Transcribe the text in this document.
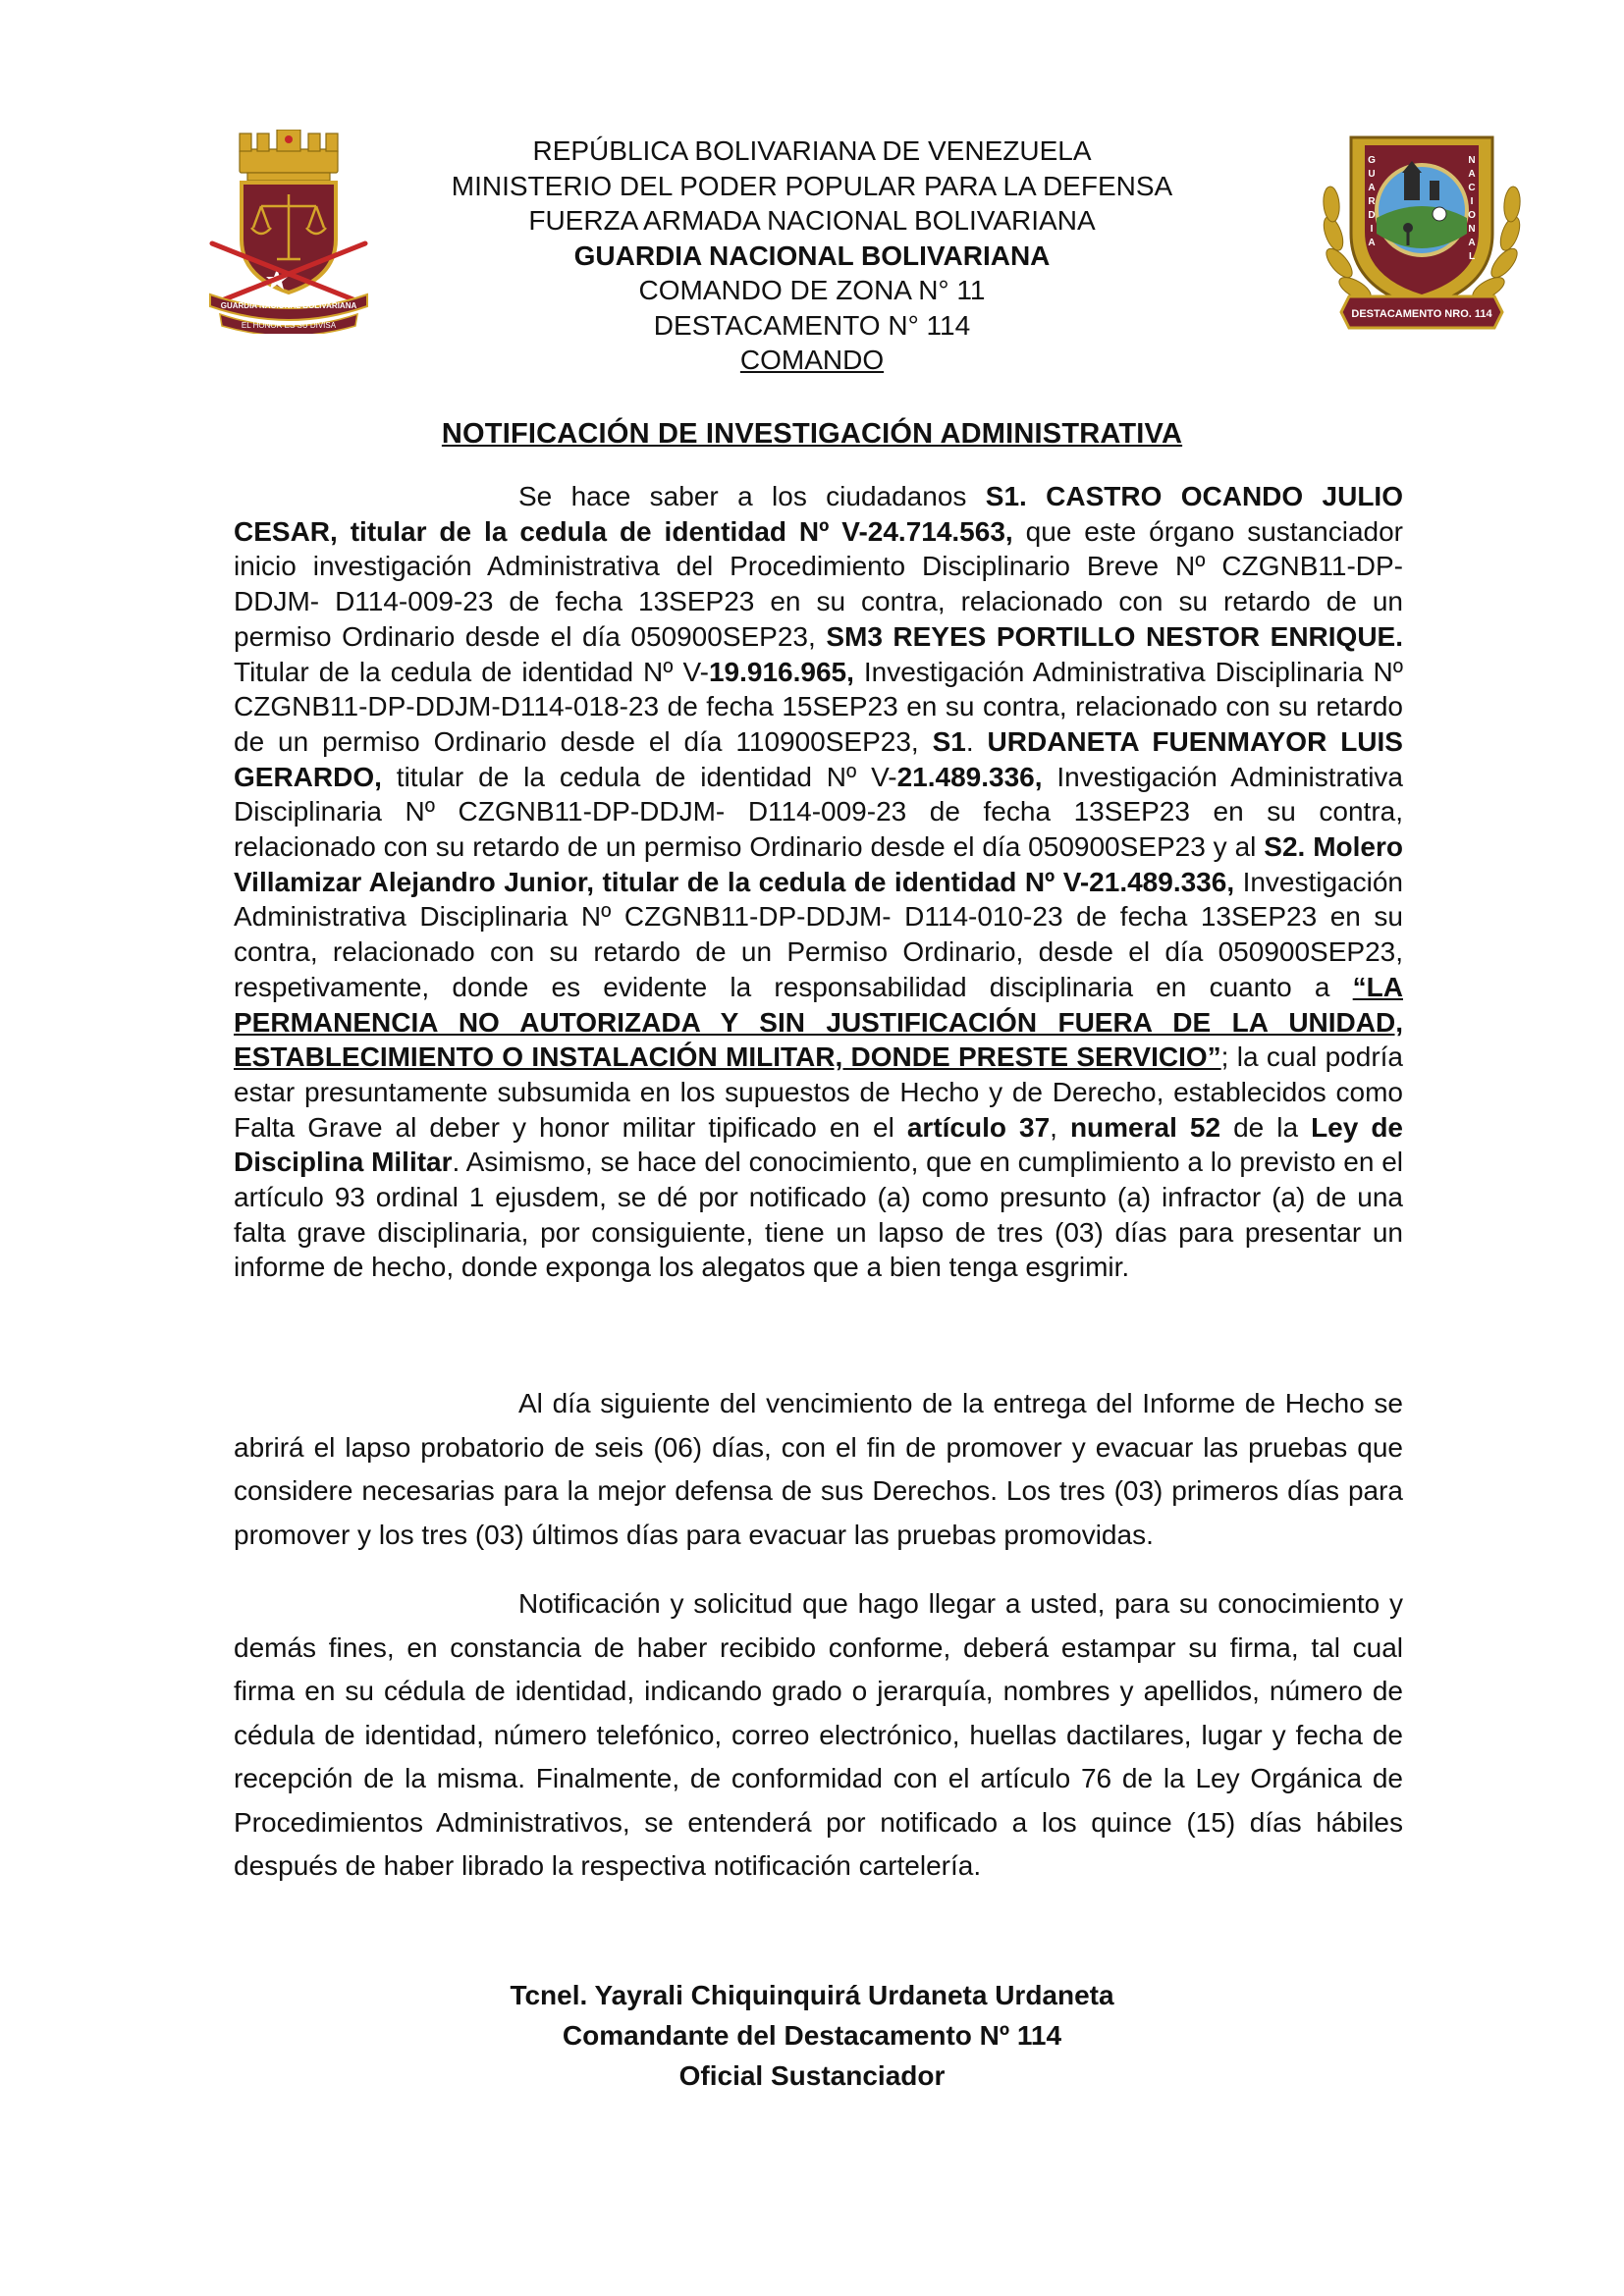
GUARDIA NACIONAL BOLIVARIANA
EL HONOR ES SU DIVISA
REPÚBLICA BOLIVARIANA DE VENEZUELA
MINISTERIO DEL PODER POPULAR PARA LA DEFENSA
FUERZA ARMADA NACIONAL BOLIVARIANA
GUARDIA NACIONAL BOLIVARIANA
COMANDO DE ZONA N° 11
DESTACAMENTO N° 114
COMANDO
G
U
A
R
D
I
A
N
A
C
I
O
N
A
L
DESTACAMENTO NRO. 114
NOTIFICACIÓN DE INVESTIGACIÓN ADMINISTRATIVA
Se hace saber a los ciudadanos S1. CASTRO OCANDO JULIO CESAR, titular de la cedula de identidad Nº V-24.714.563, que este órgano sustanciador inicio investigación Administrativa del Procedimiento Disciplinario Breve Nº CZGNB11-DP-DDJM- D114-009-23 de fecha 13SEP23 en su contra, relacionado con su retardo de un permiso Ordinario desde el día 050900SEP23, SM3 REYES PORTILLO NESTOR ENRIQUE. Titular de la cedula de identidad Nº V-19.916.965, Investigación Administrativa Disciplinaria Nº CZGNB11-DP-DDJM-D114-018-23 de fecha 15SEP23 en su contra, relacionado con su retardo de un permiso Ordinario desde el día 110900SEP23, S1. URDANETA FUENMAYOR LUIS GERARDO, titular de la cedula de identidad Nº V-21.489.336, Investigación Administrativa Disciplinaria Nº CZGNB11-DP-DDJM- D114-009-23 de fecha 13SEP23 en su contra, relacionado con su retardo de un permiso Ordinario desde el día 050900SEP23 y al S2. Molero Villamizar Alejandro Junior, titular de la cedula de identidad Nº V-21.489.336, Investigación Administrativa Disciplinaria Nº CZGNB11-DP-DDJM- D114-010-23 de fecha 13SEP23 en su contra, relacionado con su retardo de un Permiso Ordinario, desde el día 050900SEP23, respetivamente, donde es evidente la responsabilidad disciplinaria en cuanto a “LA PERMANENCIA NO AUTORIZADA Y SIN JUSTIFICACIÓN FUERA DE LA UNIDAD, ESTABLECIMIENTO O INSTALACIÓN MILITAR, DONDE PRESTE SERVICIO”; la cual podría estar presuntamente subsumida en los supuestos de Hecho y de Derecho, establecidos como Falta Grave al deber y honor militar tipificado en el artículo 37, numeral 52 de la Ley de Disciplina Militar. Asimismo, se hace del conocimiento, que en cumplimiento a lo previsto en el artículo 93 ordinal 1 ejusdem, se dé por notificado (a) como presunto (a) infractor (a) de una falta grave disciplinaria, por consiguiente, tiene un lapso de tres (03) días para presentar un informe de hecho, donde exponga los alegatos que a bien tenga esgrimir.
Al día siguiente del vencimiento de la entrega del Informe de Hecho se abrirá el lapso probatorio de seis (06) días, con el fin de promover y evacuar las pruebas que considere necesarias para la mejor defensa de sus Derechos. Los tres (03) primeros días para promover y los tres (03) últimos días para evacuar las pruebas promovidas.
Notificación y solicitud que hago llegar a usted, para su conocimiento y demás fines, en constancia de haber recibido conforme, deberá estampar su firma, tal cual firma en su cédula de identidad, indicando grado o jerarquía, nombres y apellidos, número de cédula de identidad, número telefónico, correo electrónico, huellas dactilares, lugar y fecha de recepción de la misma. Finalmente, de conformidad con el artículo 76 de la Ley Orgánica de Procedimientos Administrativos, se entenderá por notificado a los quince (15) días hábiles después de haber librado la respectiva notificación cartelería.
Tcnel. Yayrali Chiquinquirá Urdaneta Urdaneta
Comandante del Destacamento Nº 114
Oficial Sustanciador
